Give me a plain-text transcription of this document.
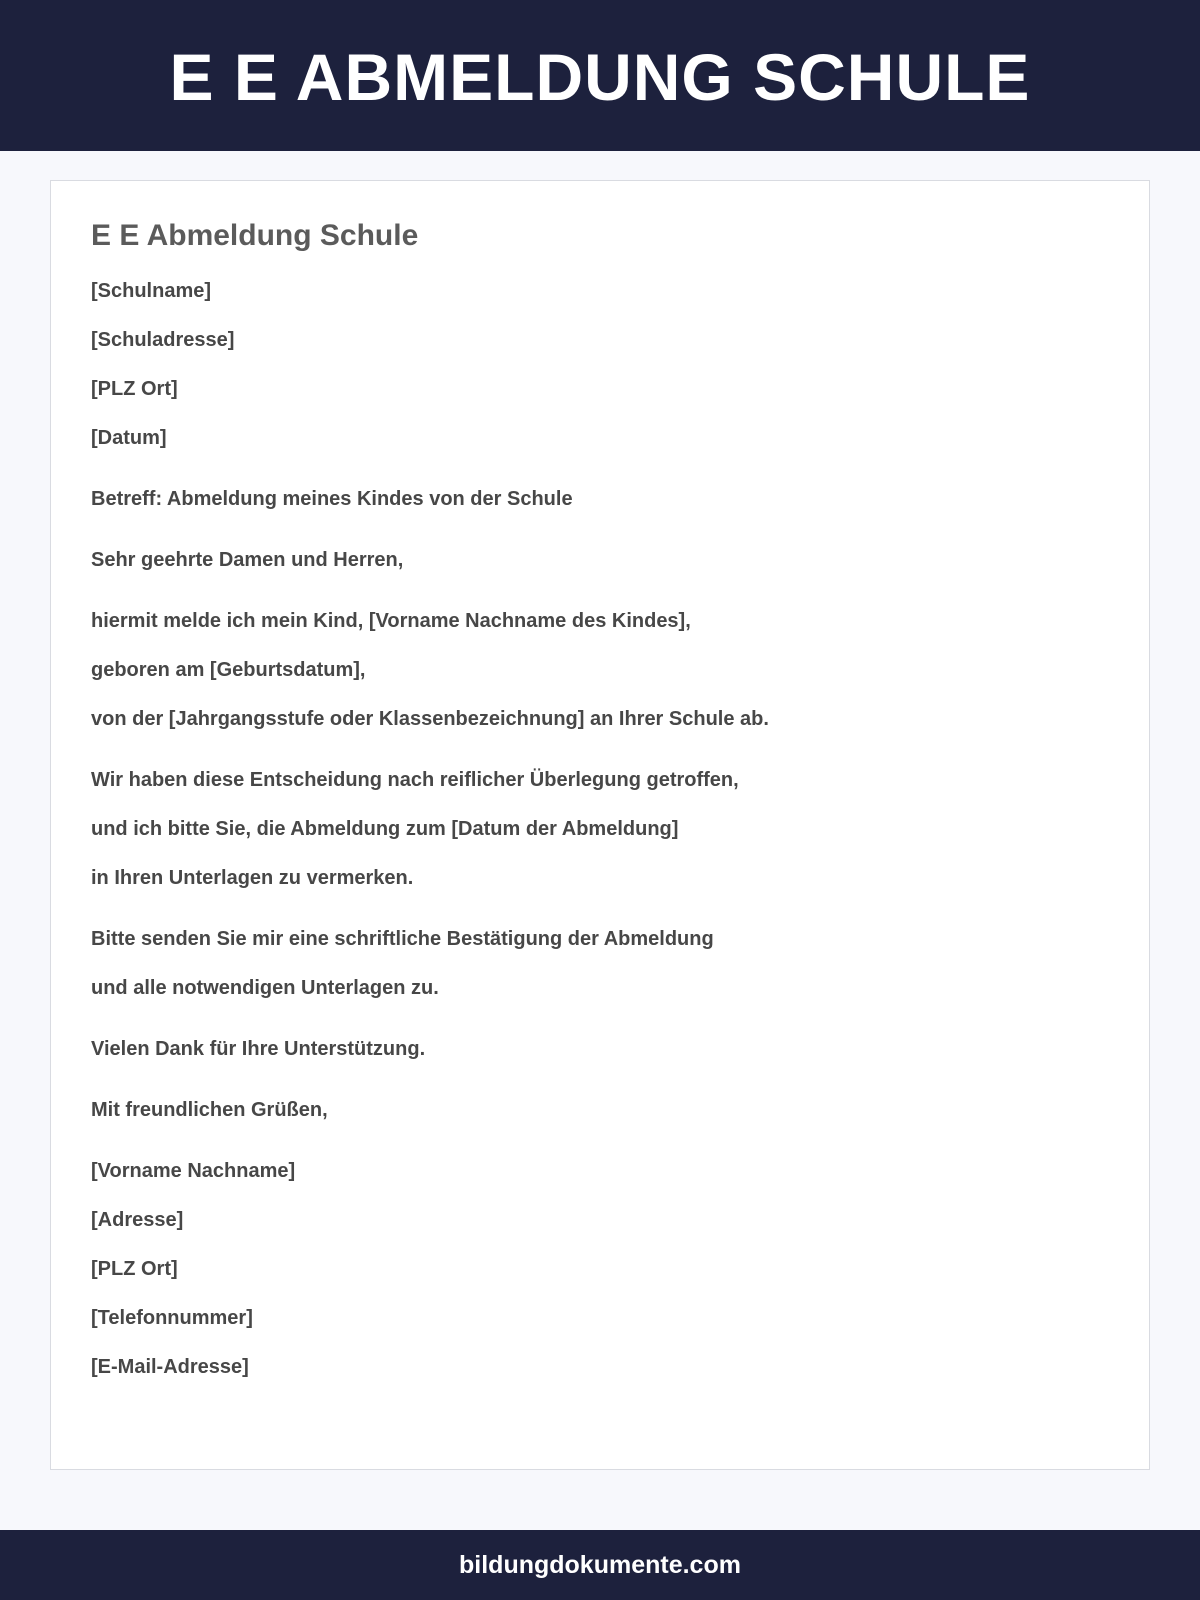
E E ABMELDUNG SCHULE
E E Abmeldung Schule

[Schulname]

[Schuladresse]

[PLZ Ort]

[Datum]

Betreff: Abmeldung meines Kindes von der Schule

Sehr geehrte Damen und Herren,

hiermit melde ich mein Kind, [Vorname Nachname des Kindes],

geboren am [Geburtsdatum],

von der [Jahrgangsstufe oder Klassenbezeichnung] an Ihrer Schule ab.

Wir haben diese Entscheidung nach reiflicher Überlegung getroffen,

und ich bitte Sie, die Abmeldung zum [Datum der Abmeldung]

in Ihren Unterlagen zu vermerken.

Bitte senden Sie mir eine schriftliche Bestätigung der Abmeldung

und alle notwendigen Unterlagen zu.

Vielen Dank für Ihre Unterstützung.

Mit freundlichen Grüßen,

[Vorname Nachname]

[Adresse]

[PLZ Ort]

[Telefonnummer]

[E-Mail-Adresse]

bildungdokumente.com
